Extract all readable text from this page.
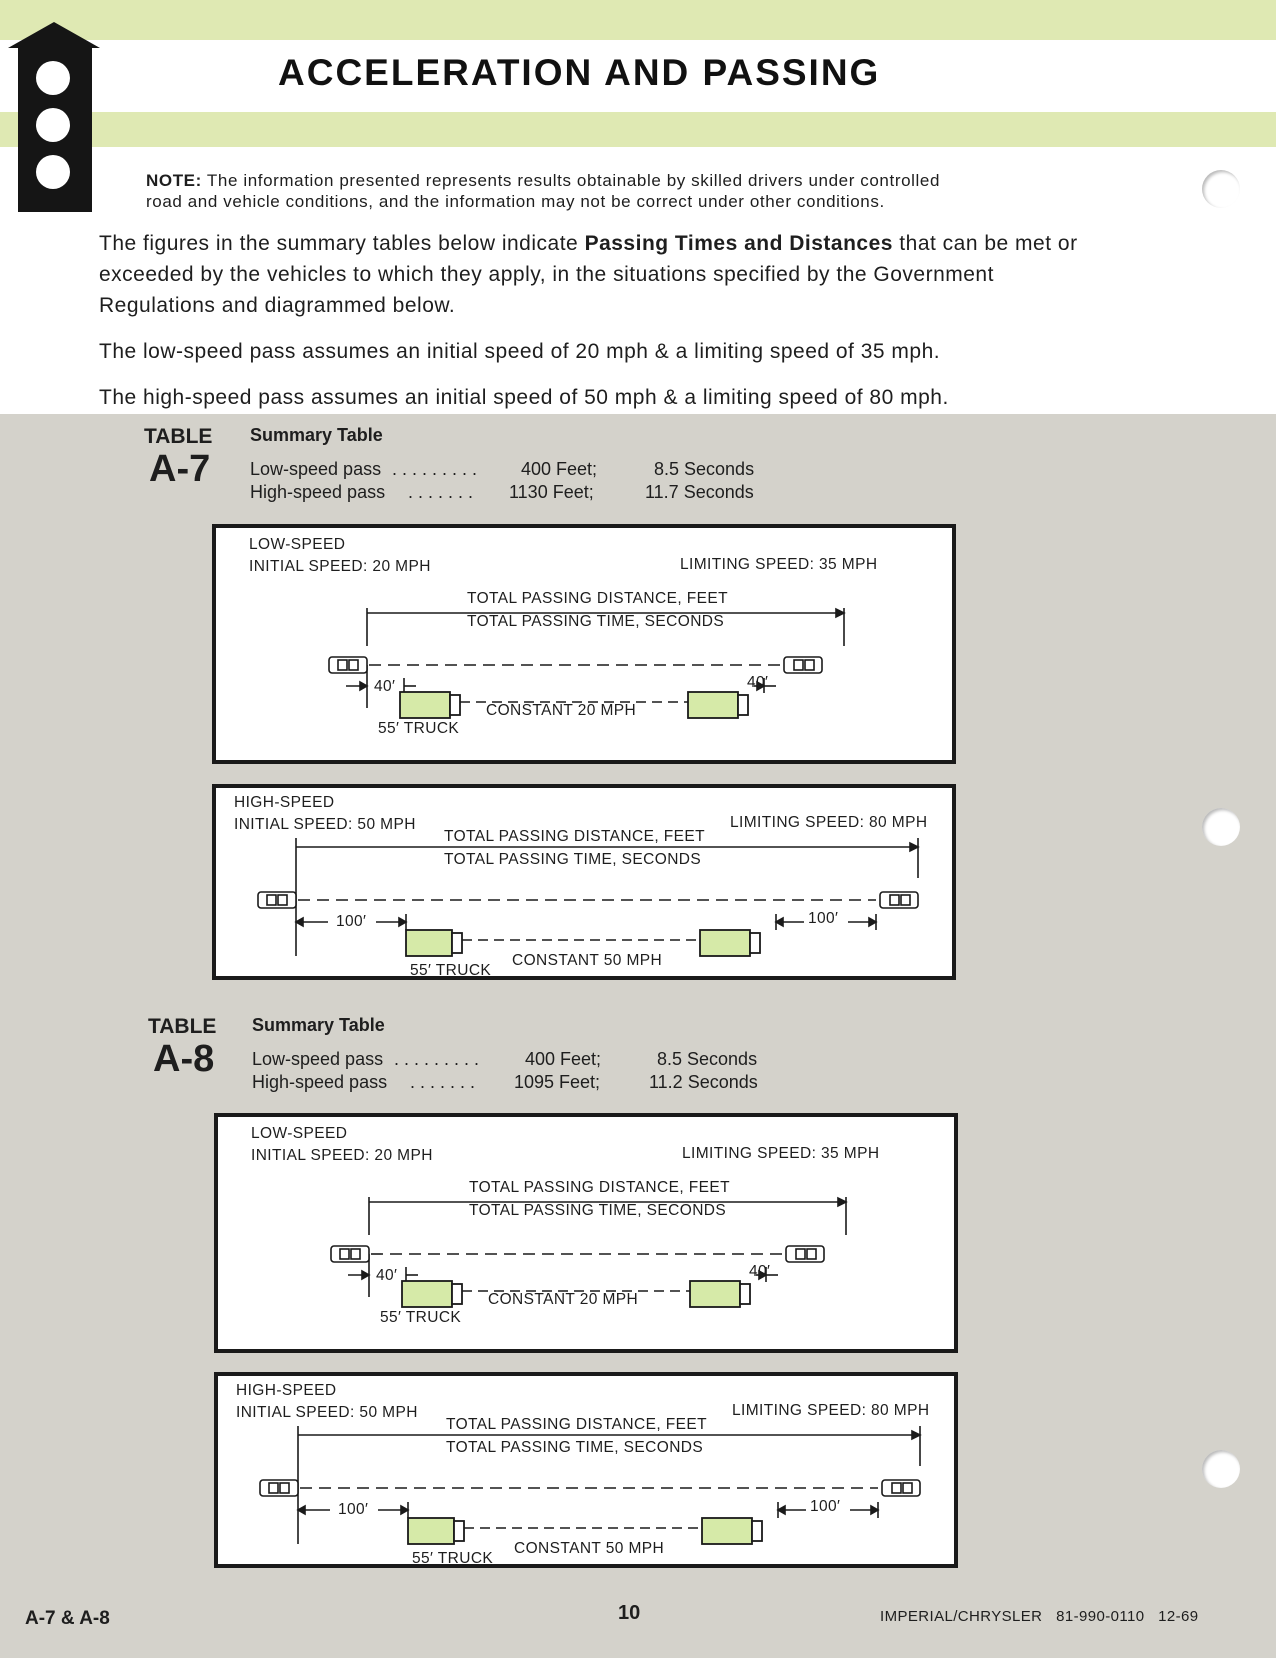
ACCELERATION AND PASSING
NOTE: The information presented represents results obtainable by skilled drivers under controlled
road and vehicle conditions, and the information may not be correct under other conditions.
The figures in the summary tables below indicate Passing Times and Distances that can be met or exceeded by the vehicles to which they apply, in the situations specified by the Government Regulations and diagrammed below.
The low-speed pass assumes an initial speed of 20 mph & a limiting speed of 35 mph.
The high-speed pass assumes an initial speed of 50 mph & a limiting speed of 80 mph.
TABLE
A-7
Summary Table
Low-speed pass . . . . . . . . . 400 Feet;	8.5 Seconds
High-speed pass . . . . . . . 1130 Feet;	11.7 Seconds
LOW-SPEED
INITIAL SPEED: 20 MPH	LIMITING SPEED: 35 MPH
TOTAL PASSING DISTANCE, FEET
TOTAL PASSING TIME, SECONDS
40′	40′
CONSTANT 20 MPH
55′ TRUCK
HIGH-SPEED
INITIAL SPEED: 50 MPH	LIMITING SPEED: 80 MPH
TOTAL PASSING DISTANCE, FEET
TOTAL PASSING TIME, SECONDS
100′	100′
CONSTANT 50 MPH
55′ TRUCK
TABLE
A-8
Summary Table
Low-speed pass . . . . . . . . .	400 Feet;	8.5 Seconds
High-speed pass . . . . . . . 1095 Feet;	11.2 Seconds
LOW-SPEED
INITIAL SPEED: 20 MPH	LIMITING SPEED: 35 MPH
TOTAL PASSING DISTANCE, FEET
TOTAL PASSING TIME, SECONDS
40′	40′
CONSTANT 20 MPH
55′ TRUCK
HIGH-SPEED
INITIAL SPEED: 50 MPH	LIMITING SPEED: 80 MPH
TOTAL PASSING DISTANCE, FEET
TOTAL PASSING TIME, SECONDS
100′	100′
CONSTANT 50 MPH
55′ TRUCK
A-7 & A-8	10	IMPERIAL/CHRYSLER   81-990-0110   12-69
